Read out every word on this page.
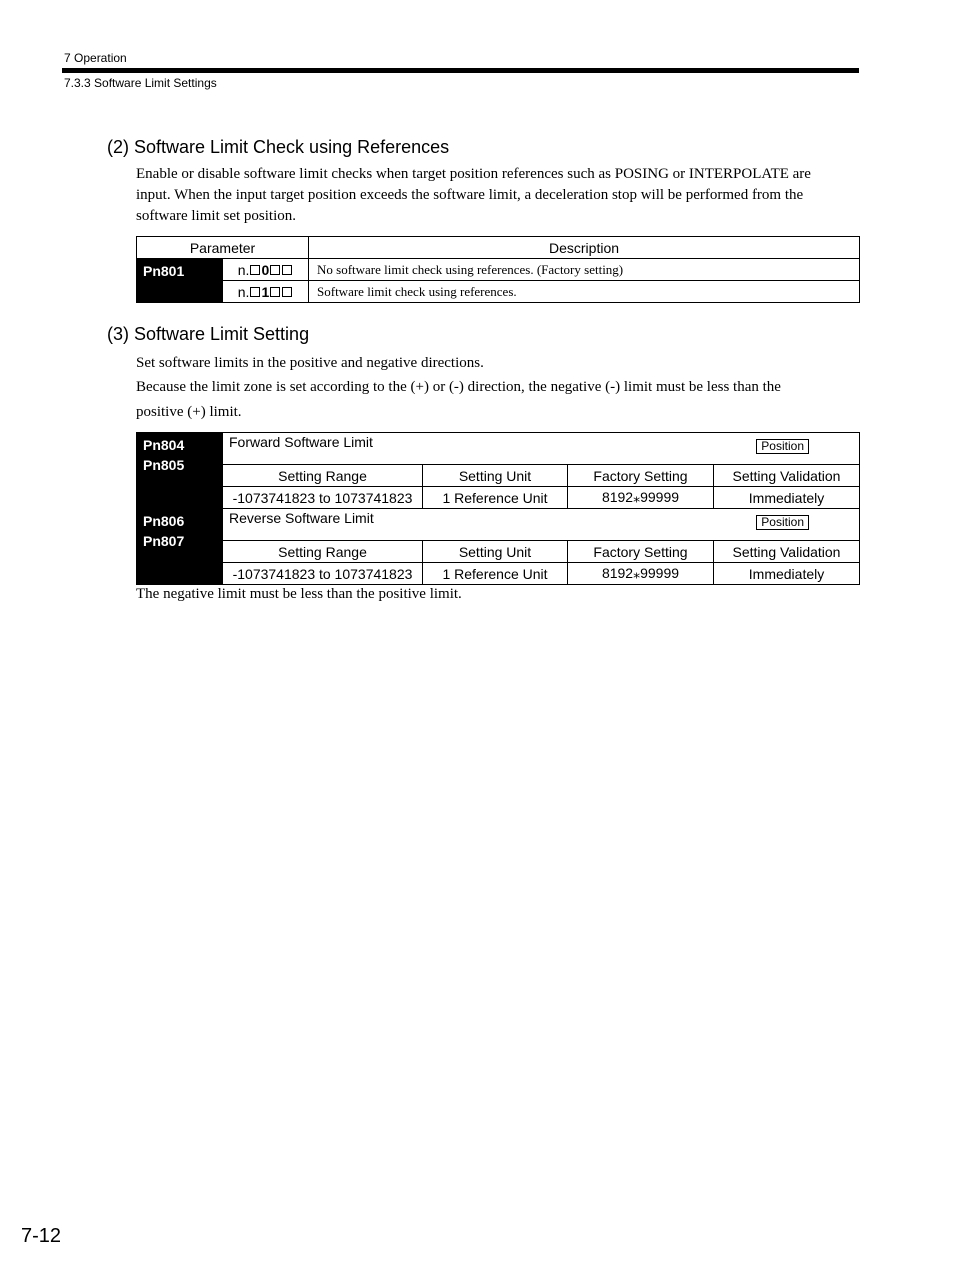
7 Operation
7.3.3 Software Limit Settings
(2) Software Limit Check using References
Enable or disable software limit checks when target position references such as POSING or INTERPOLATE are
input. When the input target position exceeds the software limit, a deceleration stop will be performed from the
software limit set position.
Parameter		Description

Pn801	n. 0	No software limit check using references. (Factory setting)
	n. 1	Software limit check using references.
(3) Software Limit Setting
Set software limits in the positive and negative directions.
Because the limit zone is set according to the (+) or (-) direction, the negative (-) limit must be less than the
positive (+) limit.
Pn804
Pn805	Forward Software Limit Position			

	Setting Range	Setting Unit	Factory Setting	Setting Validation
	-1073741823 to 1073741823	1 Reference Unit	8192⁎99999	Immediately

Pn806
Pn807	Reverse Software Limit Position			

	Setting Range	Setting Unit	Factory Setting	Setting Validation
	-1073741823 to 1073741823	1 Reference Unit	8192⁎99999	Immediately
The negative limit must be less than the positive limit.
7-12
